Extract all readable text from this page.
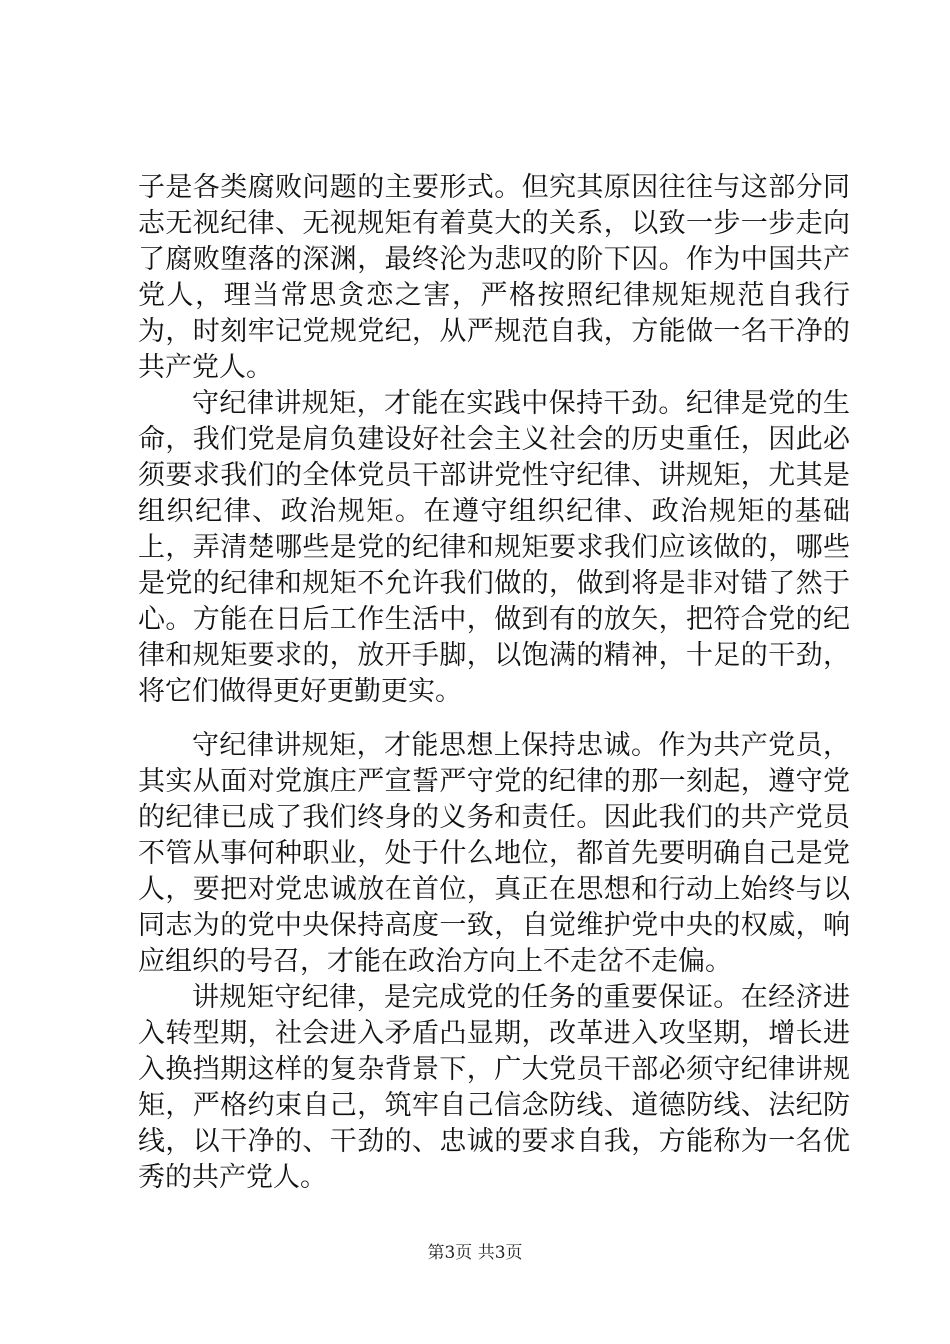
子是各类腐败问题的主要形式。但究其原因往往与这部分同志无视纪律、无视规矩有着莫大的关系，以致一步一步走向了腐败堕落的深渊，最终沦为悲叹的阶下囚。作为中国共产党人，理当常思贪恋之害，严格按照纪律规矩规范自我行为，时刻牢记党规党纪，从严规范自我，方能做一名干净的共产党人。

守纪律讲规矩，才能在实践中保持干劲。纪律是党的生命，我们党是肩负建设好社会主义社会的历史重任，因此必须要求我们的全体党员干部讲党性守纪律、讲规矩，尤其是组织纪律、政治规矩。在遵守组织纪律、政治规矩的基础上，弄清楚哪些是党的纪律和规矩要求我们应该做的，哪些是党的纪律和规矩不允许我们做的，做到将是非对错了然于心。方能在日后工作生活中，做到有的放矢，把符合党的纪律和规矩要求的，放开手脚，以饱满的精神，十足的干劲，将它们做得更好更勤更实。

守纪律讲规矩，才能思想上保持忠诚。作为共产党员，其实从面对党旗庄严宣誓严守党的纪律的那一刻起，遵守党的纪律已成了我们终身的义务和责任。因此我们的共产党员不管从事何种职业，处于什么地位，都首先要明确自己是党人，要把对党忠诚放在首位，真正在思想和行动上始终与以同志为的党中央保持高度一致，自觉维护党中央的权威，响应组织的号召，才能在政治方向上不走岔不走偏。

讲规矩守纪律，是完成党的任务的重要保证。在经济进入转型期，社会进入矛盾凸显期，改革进入攻坚期，增长进入换挡期这样的复杂背景下，广大党员干部必须守纪律讲规矩，严格约束自己，筑牢自己信念防线、道德防线、法纪防线，以干净的、干劲的、忠诚的要求自我，方能称为一名优秀的共产党人。

第3页 共3页
